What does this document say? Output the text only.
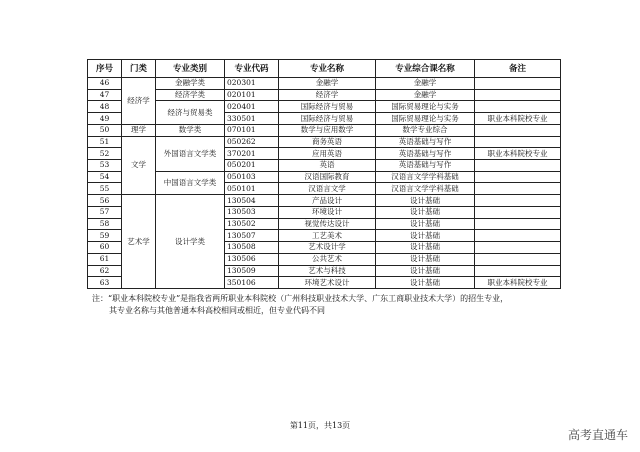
序号	门类	专业类别	专业代码	专业名称	专业综合课名称	备注
46	经济学	金融学类	020301	金融学	金融学	
47		经济学类	020101	经济学	金融学	
48		经济与贸易类	020401	国际经济与贸易	国际贸易理论与实务	
49			330501	国际经济与贸易	国际贸易理论与实务	职业本科院校专业
50	理学	数学类	070101	数学与应用数学	数学专业综合	
51	文学	外国语言文学类	050262	商务英语	英语基础与写作	
52			370201	应用英语	英语基础与写作	职业本科院校专业
53			050201	英语	英语基础与写作	
54		中国语言文学类	050103	汉语国际教育	汉语言文学学科基础	
55			050101	汉语言文学	汉语言文学学科基础	
56	艺术学	设计学类	130504	产品设计	设计基础	
57			130503	环境设计	设计基础	
58			130502	视觉传达设计	设计基础	
59			130507	工艺美术	设计基础	
60			130508	艺术设计学	设计基础	
61			130506	公共艺术	设计基础	
62			130509	艺术与科技	设计基础	
63			350106	环境艺术设计	设计基础	职业本科院校专业
注：“职业本科院校专业”是指我省两所职业本科院校（广州科技职业技术大学、广东工商职业技术大学）的招生专业，
其专业名称与其他普通本科高校相同或相近，但专业代码不同
第11页，共13页
高考直通车
